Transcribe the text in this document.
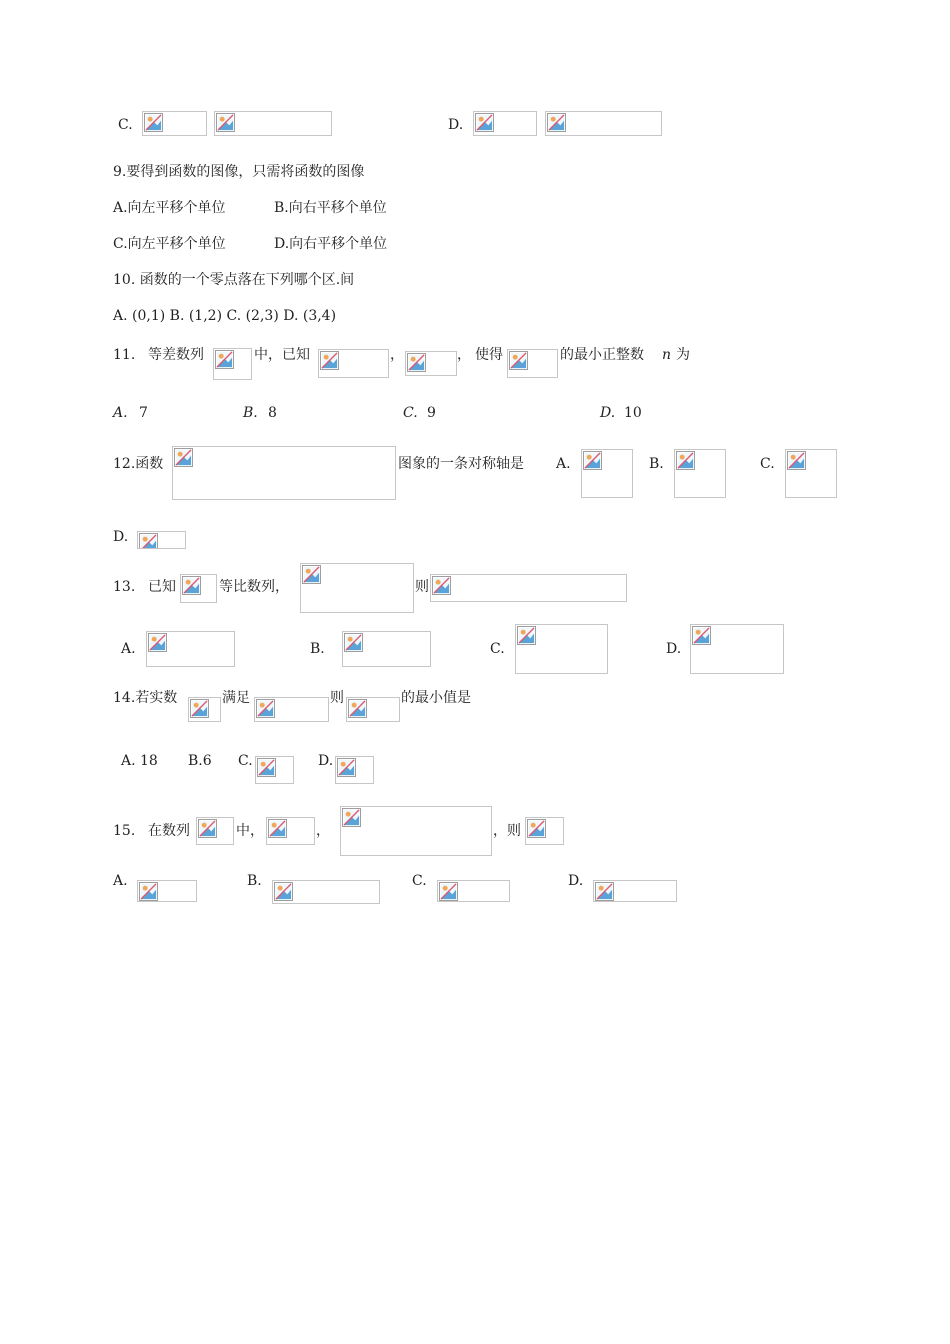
C.	D.
9.要得到函数的图像，只需将函数的图像
A.向左平移个单位	B.向右平移个单位
C.向左平移个单位	D.向右平移个单位
10. 函数的一个零点落在下列哪个区.间
A. (0,1) B. (1,2) C. (2,3) D. (3,4)
11. 等差数列	中，已知	，	， 使得	的最小正整数 n 为
A. 7	B. 8	C. 9	D. 10
12.函数	图象的一条对称轴是 A.	B.	C.
D.
13. 已知	等比数列，	则
A.	B.	C.	D.
14.若实数	满足	则	的最小值是
A. 18 B.6 C.	D.
15. 在数列	中，	，	，则
A.	B.	C.	D.
